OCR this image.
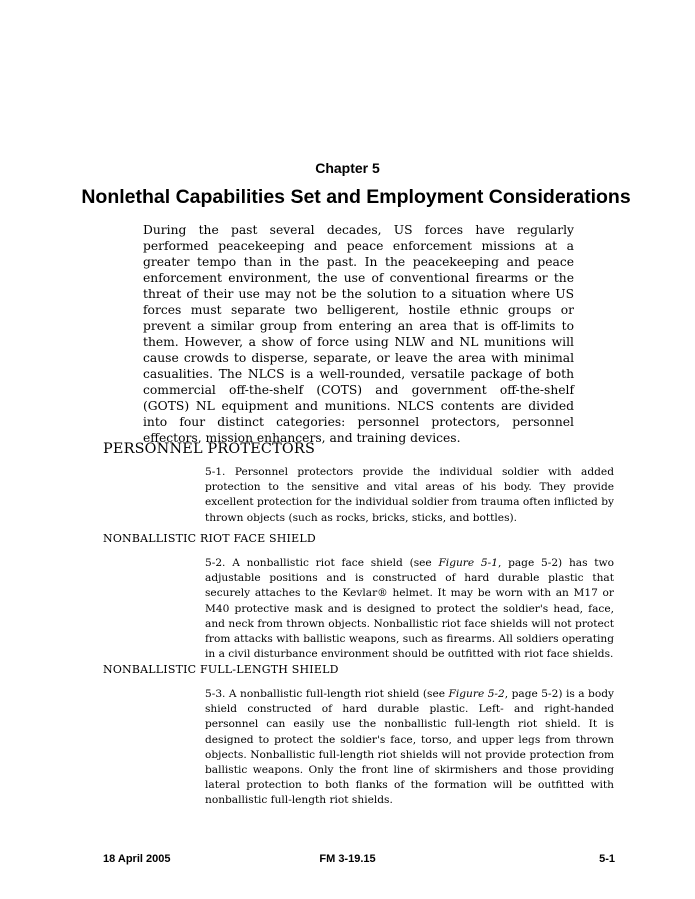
Chapter 5
Nonlethal Capabilities Set and Employment Considerations

During the past several decades, US forces have regularly performed peacekeeping and peace enforcement missions at a greater tempo than in the past. In the peacekeeping and peace enforcement environment, the use of conventional firearms or the threat of their use may not be the solution to a situation where US forces must separate two belligerent, hostile ethnic groups or prevent a similar group from entering an area that is off-limits to them. However, a show of force using NLW and NL munitions will cause crowds to disperse, separate, or leave the area with minimal casualities. The NLCS is a well-rounded, versatile package of both commercial off-the-shelf (COTS) and government off-the-shelf (GOTS) NL equipment and munitions. NLCS contents are divided into four distinct categories: personnel protectors, personnel effectors, mission enhancers, and training devices.

PERSONNEL PROTECTORS

5-1. Personnel protectors provide the individual soldier with added protection to the sensitive and vital areas of his body. They provide excellent protection for the individual soldier from trauma often inflicted by thrown objects (such as rocks, bricks, sticks, and bottles).

NONBALLISTIC RIOT FACE SHIELD

5-2. A nonballistic riot face shield (see Figure 5-1, page 5-2) has two adjustable positions and is constructed of hard durable plastic that securely attaches to the Kevlar® helmet. It may be worn with an M17 or M40 protective mask and is designed to protect the soldier's head, face, and neck from thrown objects. Nonballistic riot face shields will not protect from attacks with ballistic weapons, such as firearms. All soldiers operating in a civil disturbance environment should be outfitted with riot face shields.

NONBALLISTIC FULL-LENGTH SHIELD

5-3. A nonballistic full-length riot shield (see Figure 5-2, page 5-2) is a body shield constructed of hard durable plastic. Left- and right-handed personnel can easily use the nonballistic full-length riot shield. It is designed to protect the soldier's face, torso, and upper legs from thrown objects. Nonballistic full-length riot shields will not provide protection from ballistic weapons. Only the front line of skirmishers and those providing lateral protection to both flanks of the formation will be outfitted with nonballistic full-length riot shields.

18 April 2005	FM 3-19.15	5-1
